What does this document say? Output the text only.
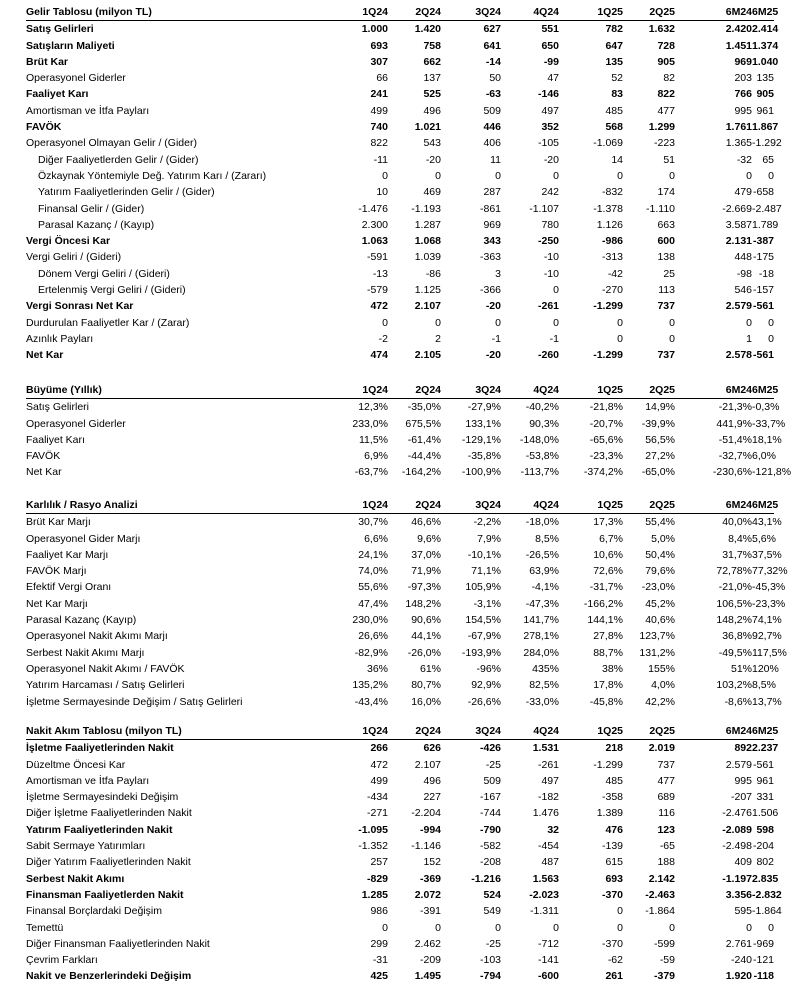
Gelir Tablosu (milyon TL)	1Q24	2Q24	3Q24	4Q24	1Q25	2Q25	6M24	6M25	
Satış Gelirleri	1.000	1.420	627	551	782	1.632	2.420	2.414	
Satışların Maliyeti	693	758	641	650	647	728	1.451	1.374	
Brüt Kar	307	662	-14	-99	135	905	969	1.040	
Operasyonel Giderler	66	137	50	47	52	82	203	135	
Faaliyet Karı	241	525	-63	-146	83	822	766	905	
Amortisman ve İtfa Payları	499	496	509	497	485	477	995	961	
FAVÖK	740	1.021	446	352	568	1.299	1.761	1.867	
Operasyonel Olmayan Gelir / (Gider)	822	543	406	-105	-1.069	-223	1.365	-1.292	
Diğer Faaliyetlerden Gelir / (Gider)	-11	-20	11	-20	14	51	-32	65	
Özkaynak Yöntemiyle Değ. Yatırım Karı / (Zararı)	0	0	0	0	0	0	0	0	
Yatırım Faaliyetlerinden Gelir / (Gider)	10	469	287	242	-832	174	479	-658	
Finansal Gelir / (Gider)	-1.476	-1.193	-861	-1.107	-1.378	-1.110	-2.669	-2.487	
Parasal Kazanç / (Kayıp)	2.300	1.287	969	780	1.126	663	3.587	1.789	
Vergi Öncesi Kar	1.063	1.068	343	-250	-986	600	2.131	-387	
Vergi Geliri / (Gideri)	-591	1.039	-363	-10	-313	138	448	-175	
Dönem Vergi Geliri / (Gideri)	-13	-86	3	-10	-42	25	-98	-18	
Ertelenmiş Vergi Geliri / (Gideri)	-579	1.125	-366	0	-270	113	546	-157	
Vergi Sonrası Net Kar	472	2.107	-20	-261	-1.299	737	2.579	-561	
Durdurulan Faaliyetler Kar / (Zarar)	0	0	0	0	0	0	0	0	
Azınlık Payları	-2	2	-1	-1	0	0	1	0	
Net Kar	474	2.105	-20	-260	-1.299	737	2.578	-561	
Büyüme (Yıllık)	1Q24	2Q24	3Q24	4Q24	1Q25	2Q25	6M24	6M25	
Satış Gelirleri	12,3%	-35,0%	-27,9%	-40,2%	-21,8%	14,9%	-21,3%	-0,3%	
Operasyonel Giderler	233,0%	675,5%	133,1%	90,3%	-20,7%	-39,9%	441,9%	-33,7%	
Faaliyet Karı	11,5%	-61,4%	-129,1%	-148,0%	-65,6%	56,5%	-51,4%	18,1%	
FAVÖK	6,9%	-44,4%	-35,8%	-53,8%	-23,3%	27,2%	-32,7%	6,0%	
Net Kar	-63,7%	-164,2%	-100,9%	-113,7%	-374,2%	-65,0%	-230,6%	-121,8%	
Karlılık / Rasyo Analizi	1Q24	2Q24	3Q24	4Q24	1Q25	2Q25	6M24	6M25	
Brüt Kar Marjı	30,7%	46,6%	-2,2%	-18,0%	17,3%	55,4%	40,0%	43,1%	
Operasyonel Gider Marjı	6,6%	9,6%	7,9%	8,5%	6,7%	5,0%	8,4%	5,6%	
Faaliyet Kar Marjı	24,1%	37,0%	-10,1%	-26,5%	10,6%	50,4%	31,7%	37,5%	
FAVÖK Marjı	74,0%	71,9%	71,1%	63,9%	72,6%	79,6%	72,78%	77,32%	
Efektif Vergi Oranı	55,6%	-97,3%	105,9%	-4,1%	-31,7%	-23,0%	-21,0%	-45,3%	
Net Kar Marjı	47,4%	148,2%	-3,1%	-47,3%	-166,2%	45,2%	106,5%	-23,3%	
Parasal Kazanç (Kayıp)	230,0%	90,6%	154,5%	141,7%	144,1%	40,6%	148,2%	74,1%	
Operasyonel Nakit Akımı Marjı	26,6%	44,1%	-67,9%	278,1%	27,8%	123,7%	36,8%	92,7%	
Serbest Nakit Akımı Marjı	-82,9%	-26,0%	-193,9%	284,0%	88,7%	131,2%	-49,5%	117,5%	
Operasyonel Nakit Akımı / FAVÖK	36%	61%	-96%	435%	38%	155%	51%	120%	
Yatırım Harcaması / Satış Gelirleri	135,2%	80,7%	92,9%	82,5%	17,8%	4,0%	103,2%	8,5%	
İşletme Sermayesinde Değişim / Satış Gelirleri	-43,4%	16,0%	-26,6%	-33,0%	-45,8%	42,2%	-8,6%	13,7%	
Nakit Akım Tablosu (milyon TL)	1Q24	2Q24	3Q24	4Q24	1Q25	2Q25	6M24	6M25	
İşletme Faaliyetlerinden Nakit	266	626	-426	1.531	218	2.019	892	2.237	
Düzeltme Öncesi Kar	472	2.107	-25	-261	-1.299	737	2.579	-561	
Amortisman ve İtfa Payları	499	496	509	497	485	477	995	961	
İşletme Sermayesindeki Değişim	-434	227	-167	-182	-358	689	-207	331	
Diğer İşletme Faaliyetlerinden Nakit	-271	-2.204	-744	1.476	1.389	116	-2.476	1.506	
Yatırım Faaliyetlerinden Nakit	-1.095	-994	-790	32	476	123	-2.089	598	
Sabit Sermaye Yatırımları	-1.352	-1.146	-582	-454	-139	-65	-2.498	-204	
Diğer Yatırım Faaliyetlerinden Nakit	257	152	-208	487	615	188	409	802	
Serbest Nakit Akımı	-829	-369	-1.216	1.563	693	2.142	-1.197	2.835	
Finansman Faaliyetlerden Nakit	1.285	2.072	524	-2.023	-370	-2.463	3.356	-2.832	
Finansal Borçlardaki Değişim	986	-391	549	-1.311	0	-1.864	595	-1.864	
Temettü	0	0	0	0	0	0	0	0	
Diğer Finansman Faaliyetlerinden Nakit	299	2.462	-25	-712	-370	-599	2.761	-969	
Çevrim Farkları	-31	-209	-103	-141	-62	-59	-240	-121	
Nakit ve Benzerlerindeki Değişim	425	1.495	-794	-600	261	-379	1.920	-118	
